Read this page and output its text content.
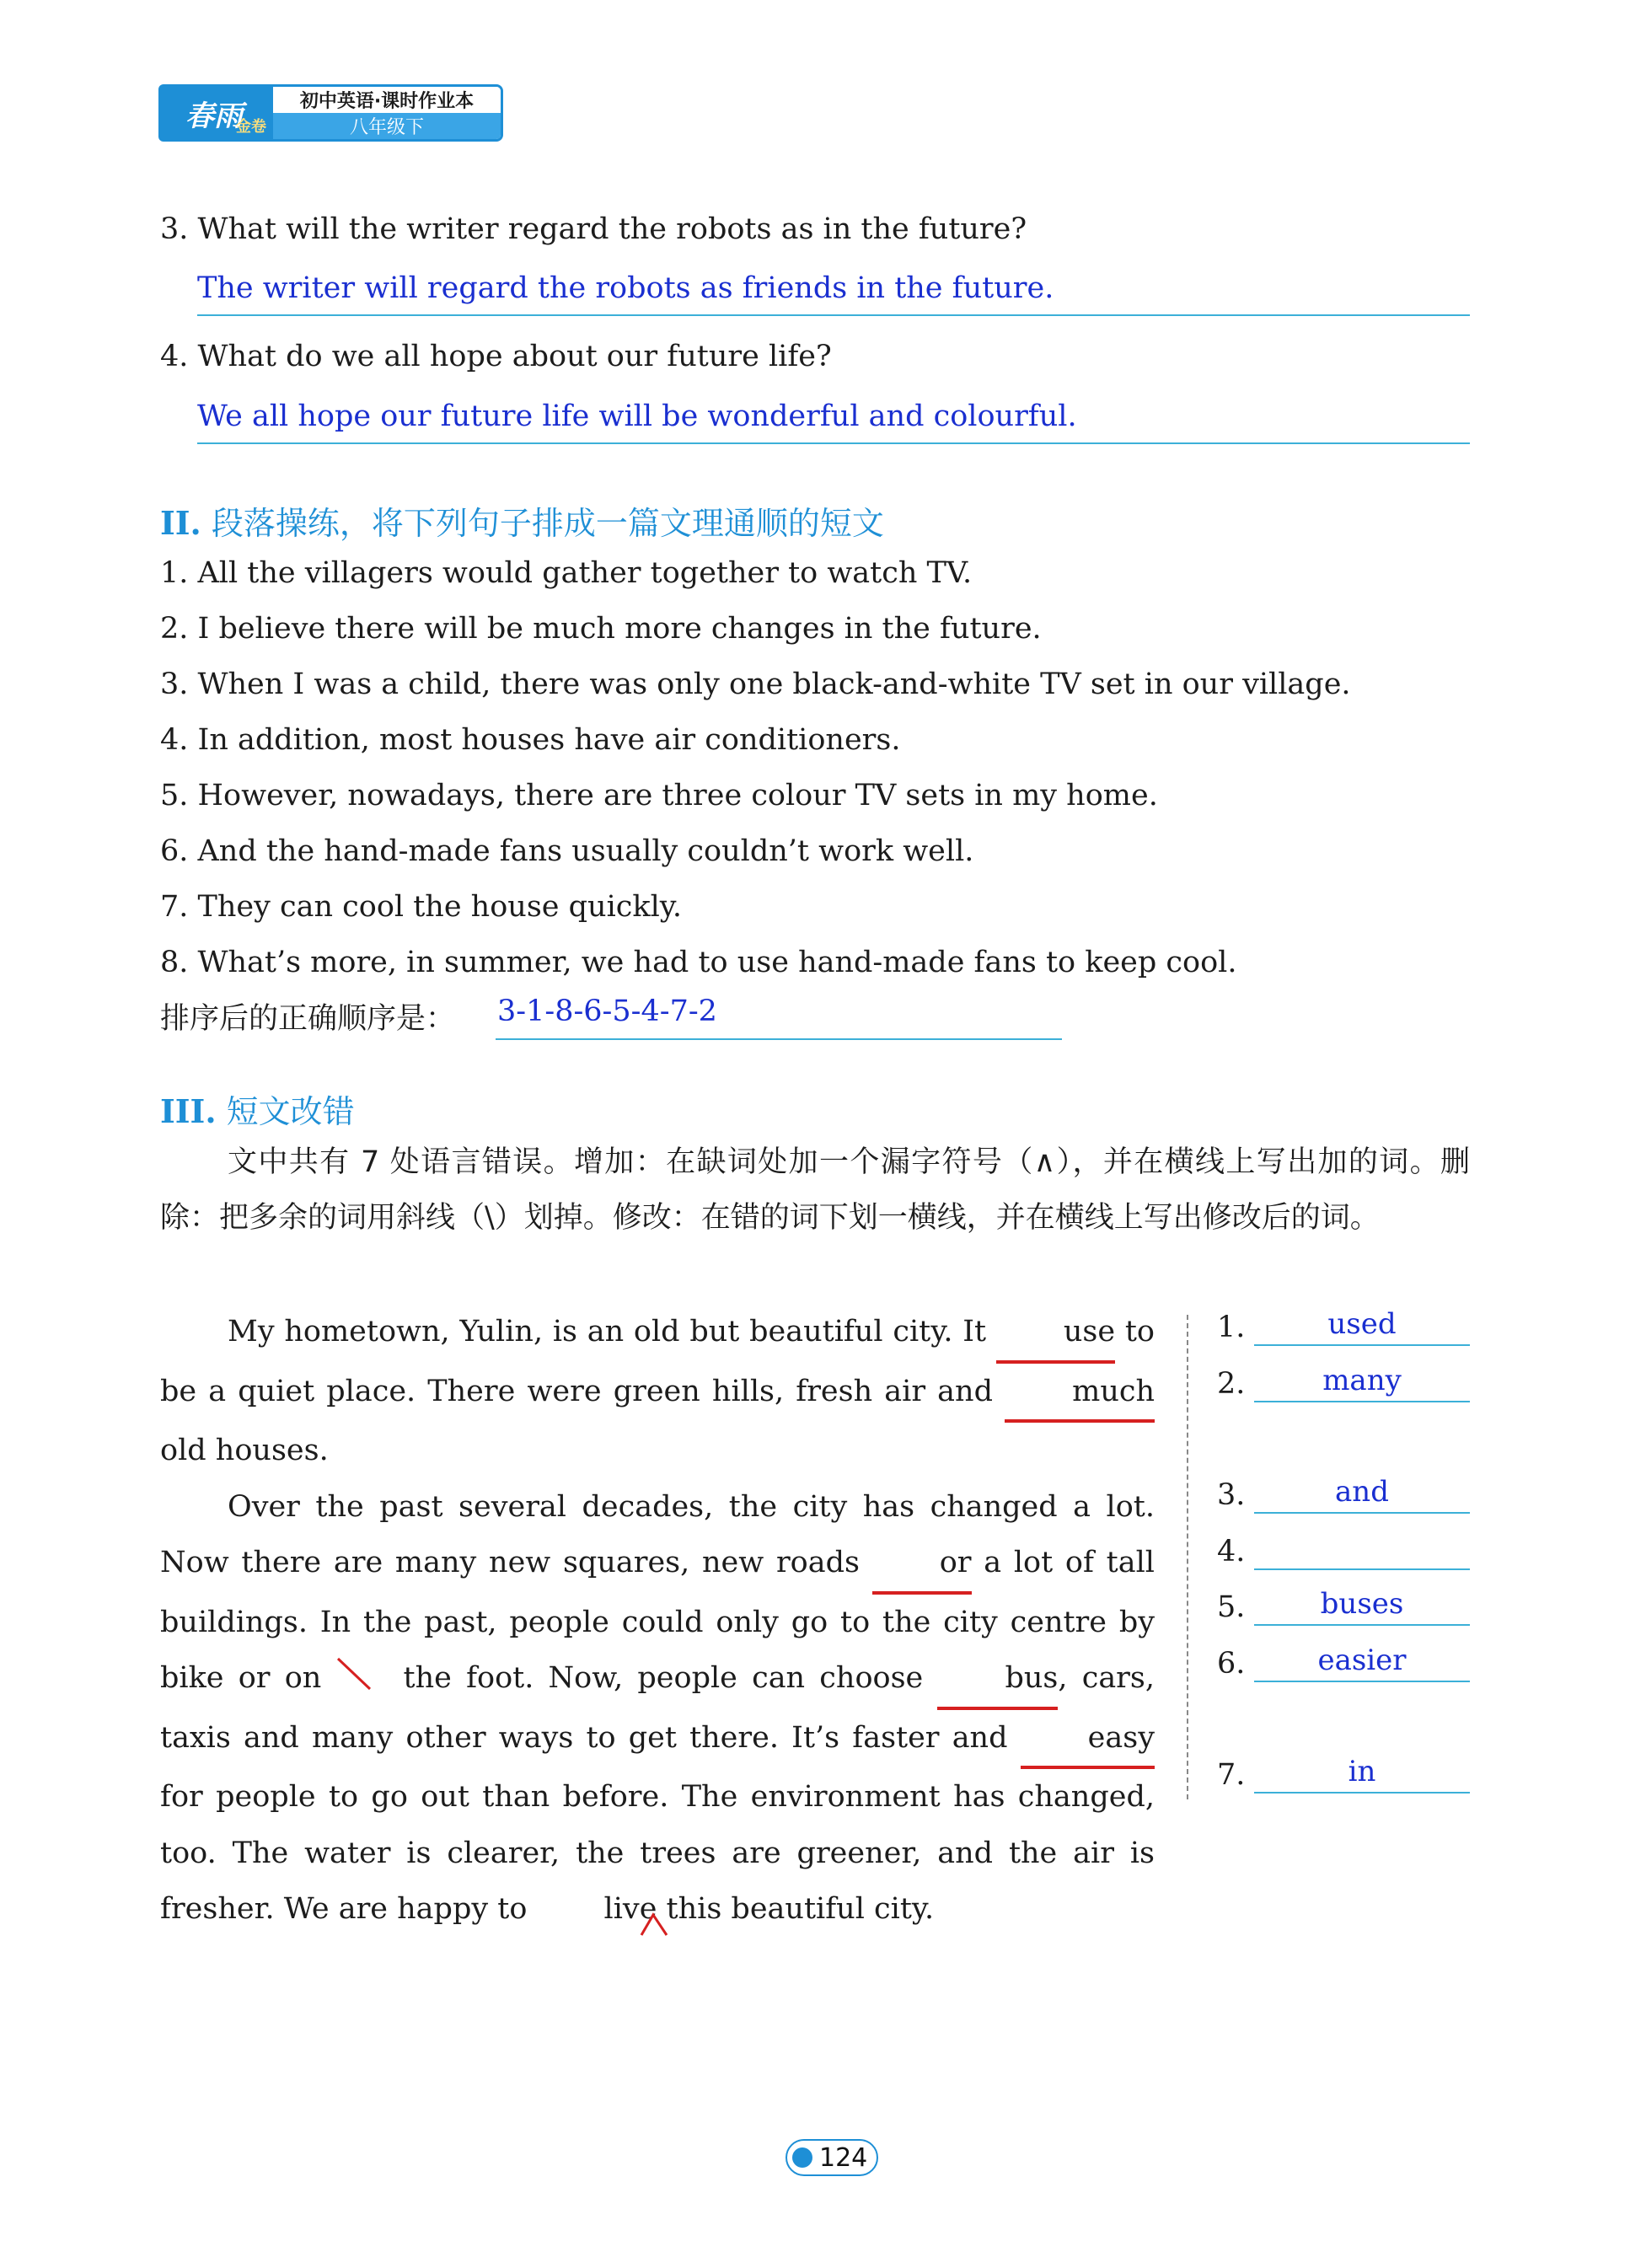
春雨
金卷
初中英语·课时作业本
八年级下
3. What will the writer regard the robots as in the future?
The writer will regard the robots as friends in the future.
4. What do we all hope about our future life?
We all hope our future life will be wonderful and colourful.
II. 段落操练，将下列句子排成一篇文理通顺的短文
1. All the villagers would gather together to watch TV.
2. I believe there will be much more changes in the future.
3. When I was a child, there was only one black-and-white TV set in our village.
4. In addition, most houses have air conditioners.
5. However, nowadays, there are three colour TV sets in my home.
6. And the hand-made fans usually couldn’t work well.
7. They can cool the house quickly.
8. What’s more, in summer, we had to use hand-made fans to keep cool.
排序后的正确顺序是： 3-1-8-6-5-4-7-2
III. 短文改错

文中共有 7 处语言错误。增加：在缺词处加一个漏字符号（∧），并在横线上写出加的词。删除：把多余的词用斜线（\）划掉。修改：在错的词下划一横线，并在横线上写出修改后的词。

My hometown, Yulin, is an old but beautiful city. It use to be a quiet place. There were green hills, fresh air and much old houses.

Over the past several decades, the city has changed a lot. Now there are many new squares, new roads or a lot of tall buildings. In the past, people could only go to the city centre by bike or on the
foot. Now, people can choose bus, cars, taxis and many other ways to get there. It’s faster and easy for people to go out than before. The environment has changed, too. The water is clearer, the trees are greener, and the air is fresher. We are happy to live
this beautiful city.

1.	used
2.	many
3.	and
4.
5.	buses
6.	easier
7.	in
124
